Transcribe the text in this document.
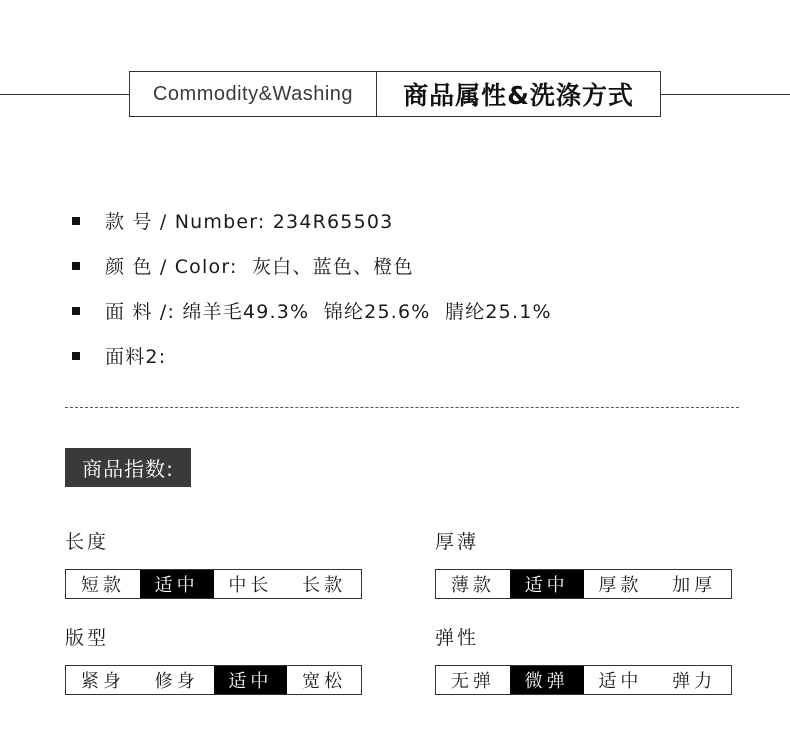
Commodity&Washing	商品属性&洗涤方式
款 号 / Number: 234R65503
颜 色 / Color:  灰白、蓝色、橙色
面 料 /: 绵羊毛49.3%  锦纶25.6%  腈纶25.1%
面料2:
商品指数:
长度
短款	适中	中长	长款
厚薄
薄款	适中	厚款	加厚
版型
紧身	修身	适中	宽松
弹性
无弹	微弹	适中	弹力
